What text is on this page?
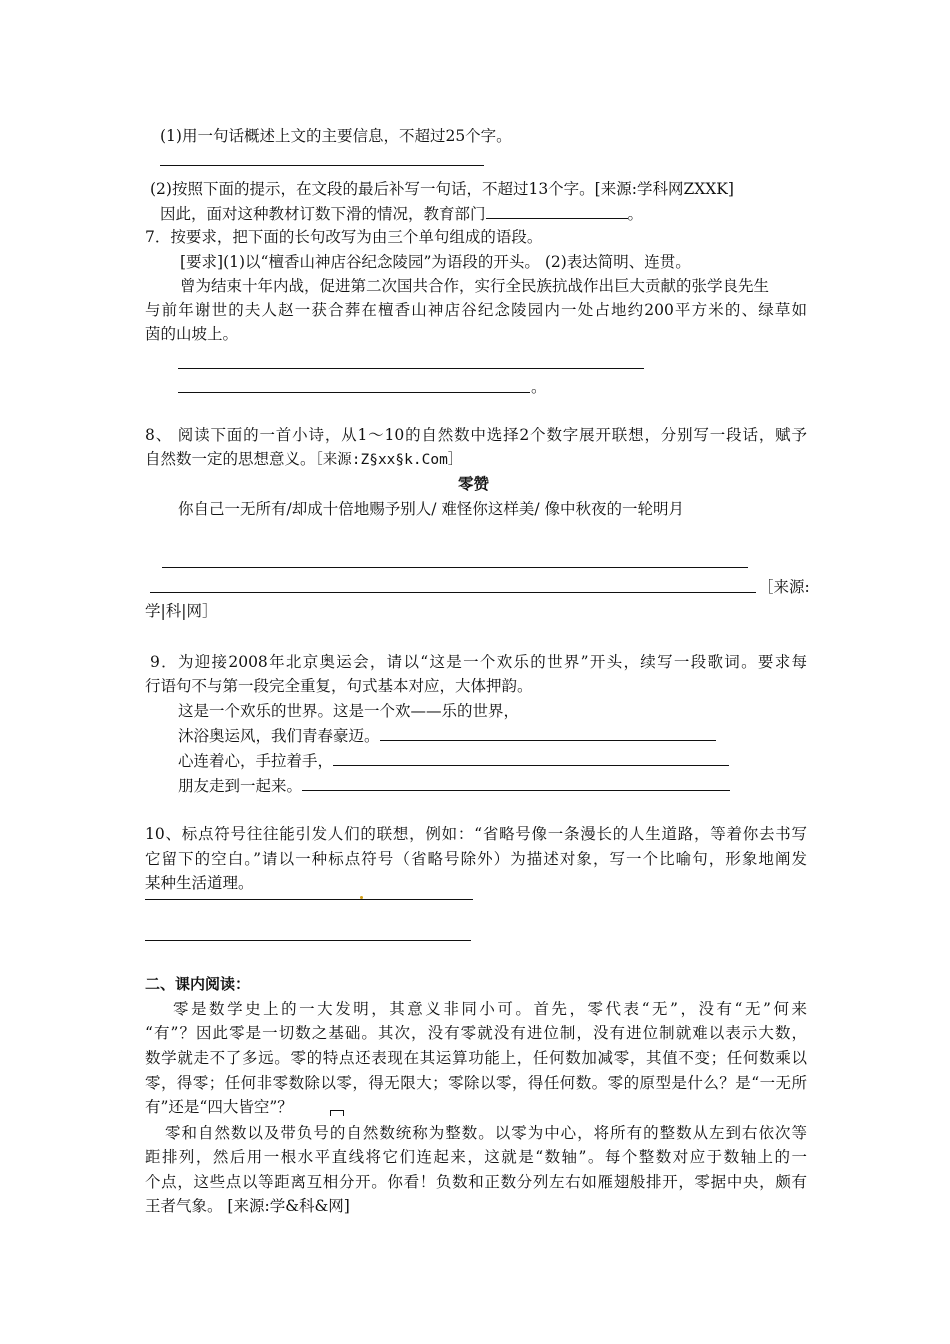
(1)用一句话概述上文的主要信息，不超过25个字。
(2)按照下面的提示，在文段的最后补写一句话，不超过13个字。[来源:学科网ZXXK]
因此，面对这种教材订数下滑的情况，教育部门	。
7．按要求，把下面的长句改写为由三个单句组成的语段。
[要求](1)以“檀香山神店谷纪念陵园”为语段的开头。 (2)表达简明、连贯。
曾为结束十年内战，促进第二次国共合作，实行全民族抗战作出巨大贡献的张学良先生
与前年谢世的夫人赵一获合葬在檀香山神店谷纪念陵园内一处占地约200平方米的、绿草如
茵的山坡上。
。
8、 阅读下面的一首小诗，从1～10的自然数中选择2个数字展开联想，分别写一段话，赋予
自然数一定的思想意义。［来源:Z§xx§k.Com］
零赞
你自己一无所有/却成十倍地赐予别人/ 难怪你这样美/ 像中秋夜的一轮明月
［来源:
学|科|网］
9．为迎接2008年北京奥运会，请以“这是一个欢乐的世界”开头，续写一段歌词。要求每
行语句不与第一段完全重复，句式基本对应，大体押韵。
这是一个欢乐的世界。这是一个欢——乐的世界，
沐浴奥运风，我们青春豪迈。
心连着心，手拉着手，
朋友走到一起来。
10、标点符号往往能引发人们的联想，例如：“省略号像一条漫长的人生道路，等着你去书写
它留下的空白。”请以一种标点符号（省略号除外）为描述对象，写一个比喻句，形象地阐发
某种生活道理。
二、课内阅读：
零是数学史上的一大发明，其意义非同小可。首先，零代表“无”，没有“无”何来
“有”？因此零是一切数之基础。其次，没有零就没有进位制，没有进位制就难以表示大数，
数学就走不了多远。零的特点还表现在其运算功能上，任何数加减零，其值不变；任何数乘以
零，得零；任何非零数除以零，得无限大；零除以零，得任何数。零的原型是什么？是“一无所
有”还是“四大皆空”？
零和自然数以及带负号的自然数统称为整数。以零为中心，将所有的整数从左到右依次等
距排列，然后用一根水平直线将它们连起来，这就是“数轴”。每个整数对应于数轴上的一
个点，这些点以等距离互相分开。你看！负数和正数分列左右如雁翅般排开，零据中央，颇有
王者气象。 [来源:学&科&网]
